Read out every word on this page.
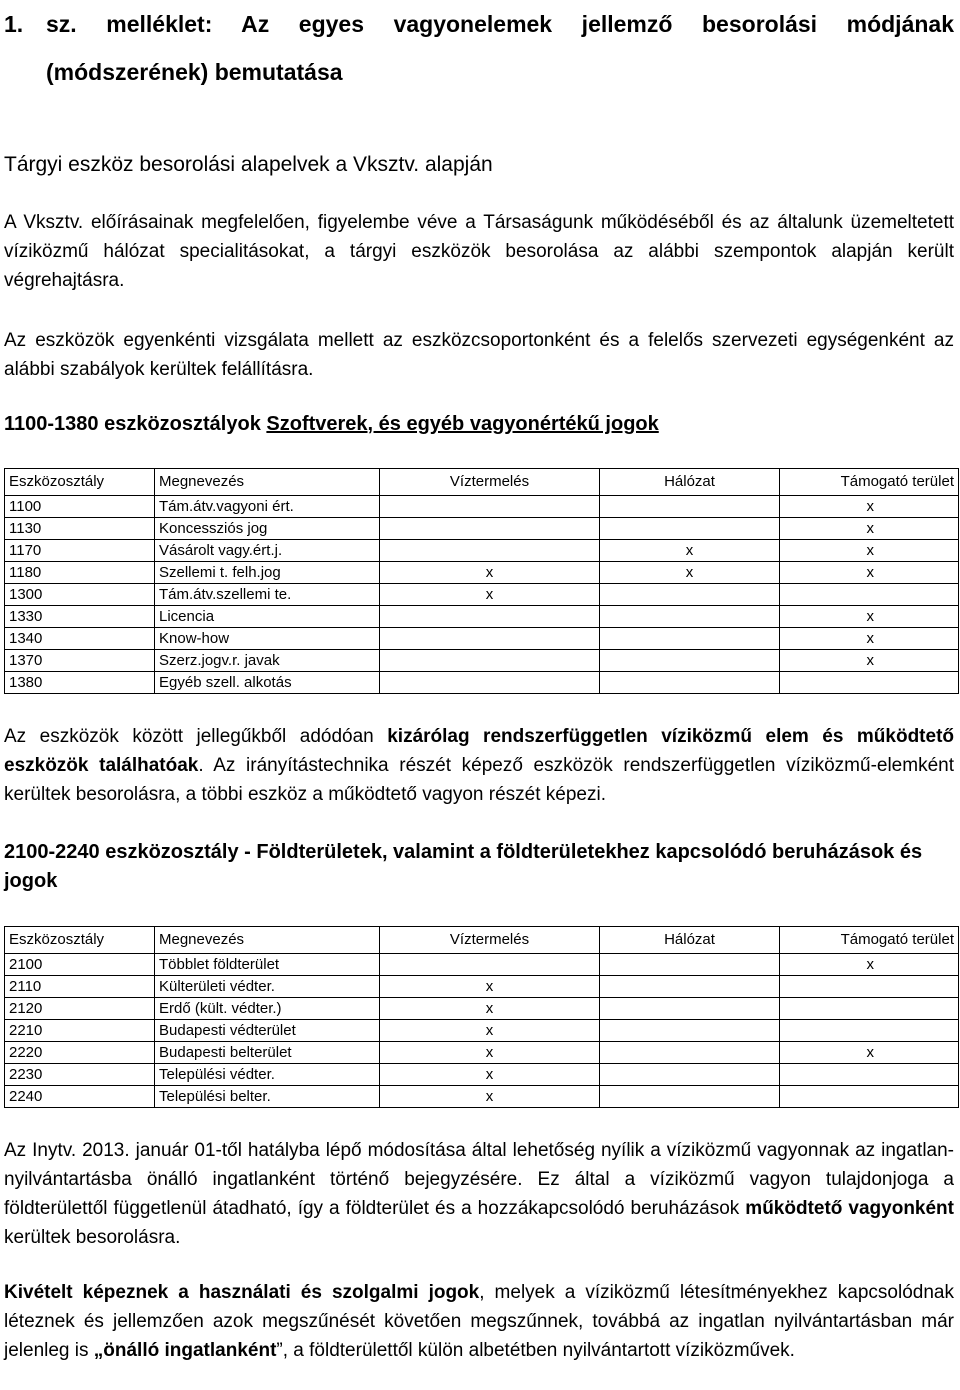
1. sz. melléklet: Az egyes vagyonelemek jellemző besorolási módjának
(módszerének) bemutatása
Tárgyi eszköz besorolási alapelvek a Vksztv. alapján

A Vksztv. előírásainak megfelelően, figyelembe véve a Társaságunk működéséből és az általunk üzemeltetett víziközmű hálózat specialitásokat, a tárgyi eszközök besorolása az alábbi szempontok alapján került végrehajtásra.

Az eszközök egyenkénti vizsgálata mellett az eszközcsoportonként és a felelős szervezeti egységenként az alábbi szabályok kerültek felállításra.

1100-1380 eszközosztályok Szoftverek, és egyéb vagyonértékű jogok
Eszközosztály	Megnevezés	Víztermelés	Hálózat	Támogató terület
1100	Tám.átv.vagyoni ért.			x
1130	Koncessziós jog			x
1170	Vásárolt vagy.ért.j.		x	x
1180	Szellemi t. felh.jog	x	x	x
1300	Tám.átv.szellemi te.	x		
1330	Licencia			x
1340	Know-how			x
1370	Szerz.jogv.r. javak			x
1380	Egyéb szell. alkotás			

Az eszközök között jellegűkből adódóan kizárólag rendszerfüggetlen víziközmű elem és működtető eszközök találhatóak. Az irányítástechnika részét képező eszközök rendszerfüggetlen víziközmű-elemként kerültek besorolásra, a többi eszköz a működtető vagyon részét képezi.

2100-2240 eszközosztály - Földterületek, valamint a földterületekhez kapcsolódó beruházások és jogok
Eszközosztály	Megnevezés	Víztermelés	Hálózat	Támogató terület
2100	Többlet földterület			x
2110	Külterületi védter.	x		
2120	Erdő (kült. védter.)	x		
2210	Budapesti védterület	x		
2220	Budapesti belterület	x		x
2230	Települési védter.	x		
2240	Települési belter.	x		

Az Inytv. 2013. január 01-től hatályba lépő módosítása által lehetőség nyílik a víziközmű vagyonnak az ingatlan-nyilvántartásba önálló ingatlanként történő bejegyzésére. Ez által a víziközmű vagyon tulajdonjoga a földterülettől függetlenül átadható, így a földterület és a hozzákapcsolódó beruházások működtető vagyonként kerültek besorolásra.

Kivételt képeznek a használati és szolgalmi jogok, melyek a víziközmű létesítményekhez kapcsolódnak léteznek és jellemzően azok megszűnését követően megszűnnek, továbbá az ingatlan nyilvántartásban már jelenleg is „önálló ingatlanként”, a földterülettől külön albetétben nyilvántartott víziközművek.
